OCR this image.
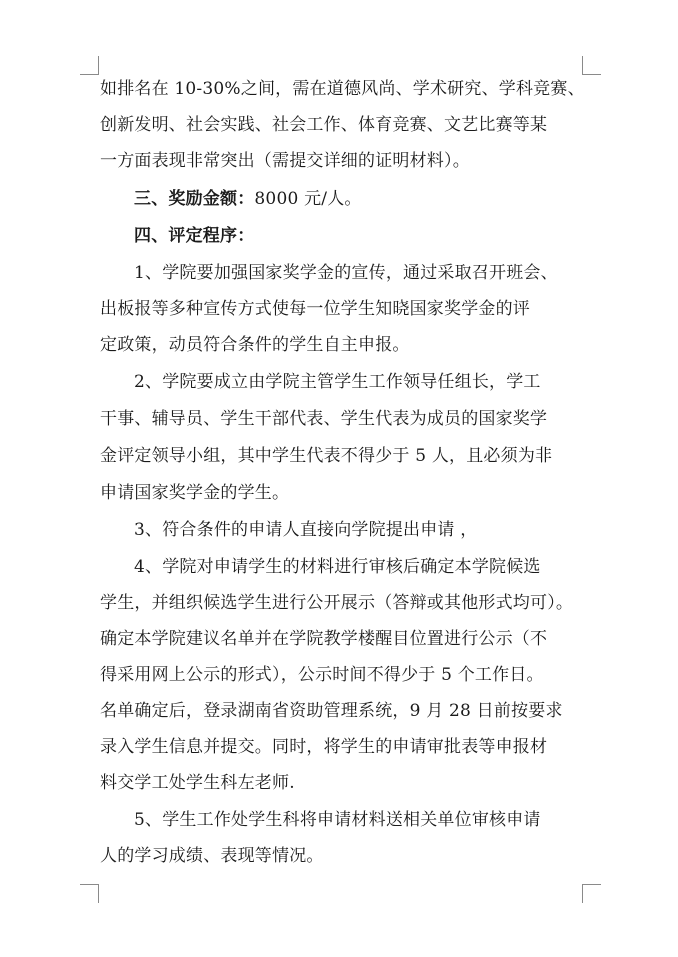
如排名在 10-30%之间，需在道德风尚、学术研究、学科竞赛、
创新发明、社会实践、社会工作、体育竞赛、文艺比赛等某
一方面表现非常突出（需提交详细的证明材料）。
三、奖励金额：8000 元/人。
四、评定程序：
1、学院要加强国家奖学金的宣传，通过采取召开班会、
出板报等多种宣传方式使每一位学生知晓国家奖学金的评
定政策，动员符合条件的学生自主申报。
2、学院要成立由学院主管学生工作领导任组长，学工
干事、辅导员、学生干部代表、学生代表为成员的国家奖学
金评定领导小组，其中学生代表不得少于 5 人，且必须为非
申请国家奖学金的学生。
3、符合条件的申请人直接向学院提出申请 ，
4、学院对申请学生的材料进行审核后确定本学院候选
学生，并组织候选学生进行公开展示（答辩或其他形式均可）。
确定本学院建议名单并在学院教学楼醒目位置进行公示（不
得采用网上公示的形式），公示时间不得少于 5 个工作日。
名单确定后，登录湖南省资助管理系统，9 月 28 日前按要求
录入学生信息并提交。同时，将学生的申请审批表等申报材
料交学工处学生科左老师.
5、学生工作处学生科将申请材料送相关单位审核申请
人的学习成绩、表现等情况。
